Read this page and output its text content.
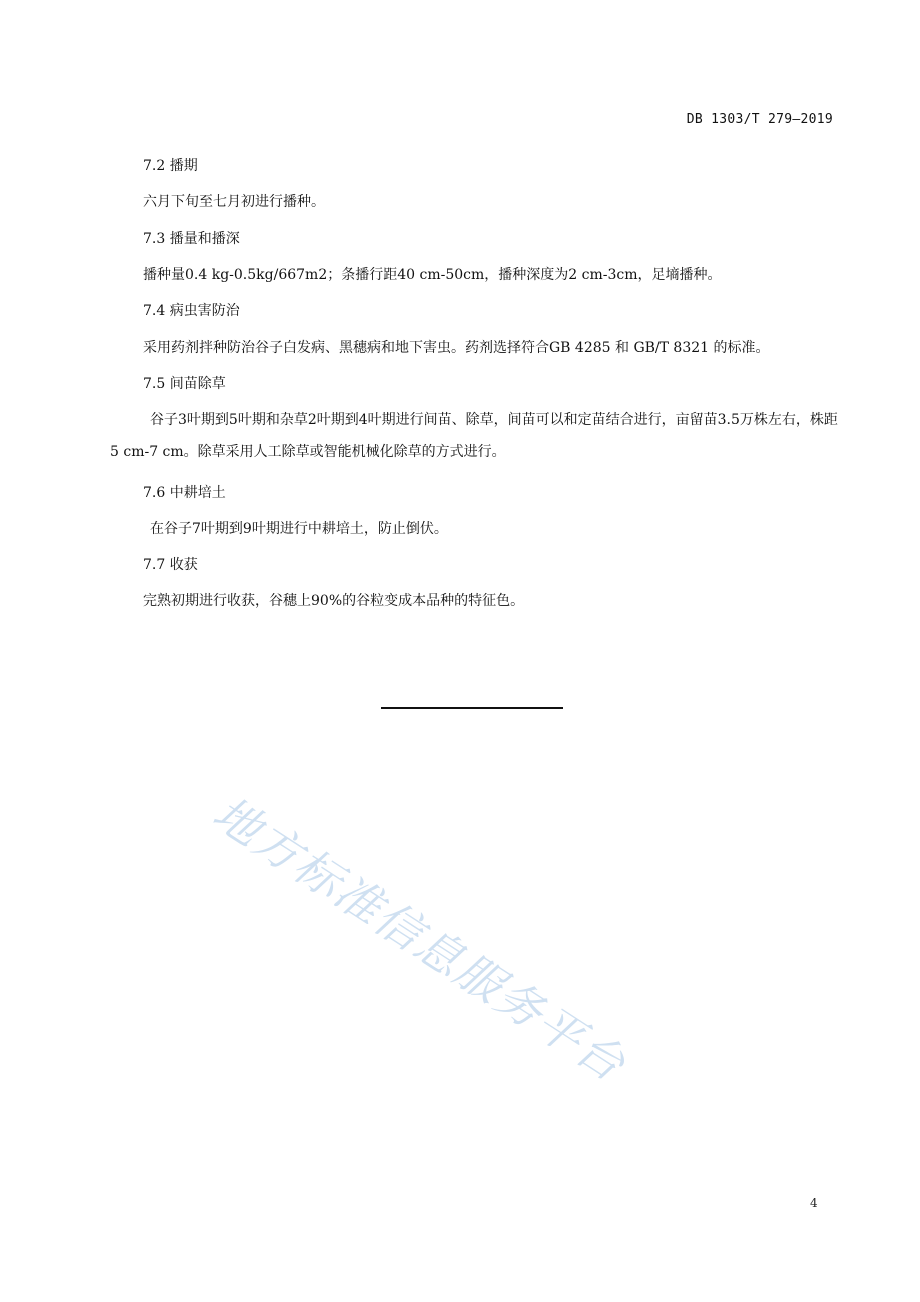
DB 1303/T 279—2019
7.2 播期
六月下旬至七月初进行播种。
7.3 播量和播深
播种量0.4 kg-0.5kg/667m2；条播行距40 cm-50cm，播种深度为2 cm-3cm，足墒播种。
7.4 病虫害防治
采用药剂拌种防治谷子白发病、黑穗病和地下害虫。药剂选择符合GB 4285 和 GB/T 8321 的标准。
7.5 间苗除草
谷子3叶期到5叶期和杂草2叶期到4叶期进行间苗、除草，间苗可以和定苗结合进行，亩留苗3.5万株左右，株距5 cm-7 cm。除草采用人工除草或智能机械化除草的方式进行。
7.6 中耕培土
在谷子7叶期到9叶期进行中耕培土，防止倒伏。
7.7 收获
完熟初期进行收获，谷穗上90%的谷粒变成本品种的特征色。
地方标准信息服务平台
4
